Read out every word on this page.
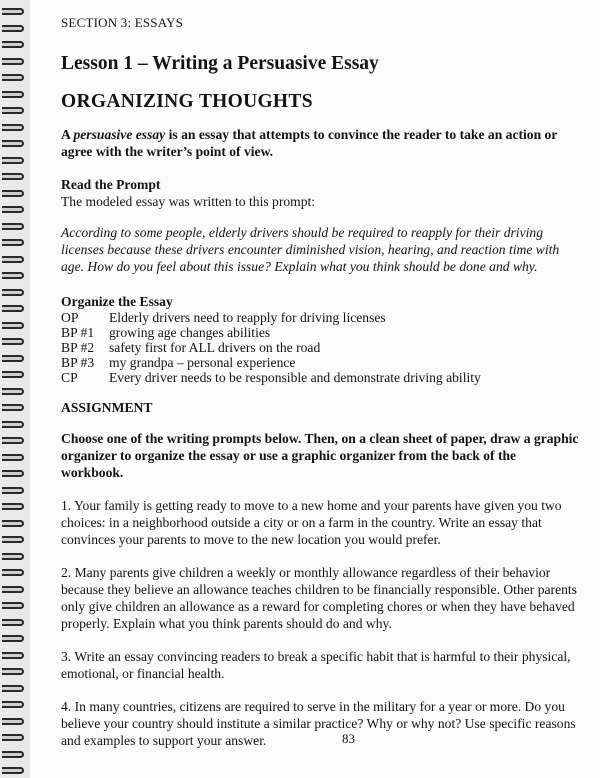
SECTION 3: ESSAYS

Lesson 1 – Writing a Persuasive Essay
ORGANIZING THOUGHTS

A persuasive essay is an essay that attempts to convince the reader to take an action or agree with the writer’s point of view.

Read the Prompt

The modeled essay was written to this prompt:

According to some people, elderly drivers should be required to reapply for their driving licenses because these drivers encounter diminished vision, hearing, and reaction time with age. How do you feel about this issue? Explain what you think should be done and why.

Organize the Essay

OP	Elderly drivers need to reapply for driving licenses
BP #1	growing age changes abilities
BP #2	safety first for ALL drivers on the road
BP #3	my grandpa – personal experience
CP	Every driver needs to be responsible and demonstrate driving ability

ASSIGNMENT

Choose one of the writing prompts below. Then, on a clean sheet of paper, draw a graphic organizer to organize the essay or use a graphic organizer from the back of the workbook.

1. Your family is getting ready to move to a new home and your parents have given you two choices: in a neighborhood outside a city or on a farm in the country. Write an essay that convinces your parents to move to the new location you would prefer.

2. Many parents give children a weekly or monthly allowance regardless of their behavior because they believe an allowance teaches children to be financially responsible. Other parents only give children an allowance as a reward for completing chores or when they have behaved properly. Explain what you think parents should do and why.

3. Write an essay convincing readers to break a specific habit that is harmful to their physical, emotional, or financial health.

4. In many countries, citizens are required to serve in the military for a year or more. Do you believe your country should institute a similar practice? Why or why not? Use specific reasons and examples to support your answer.	83
